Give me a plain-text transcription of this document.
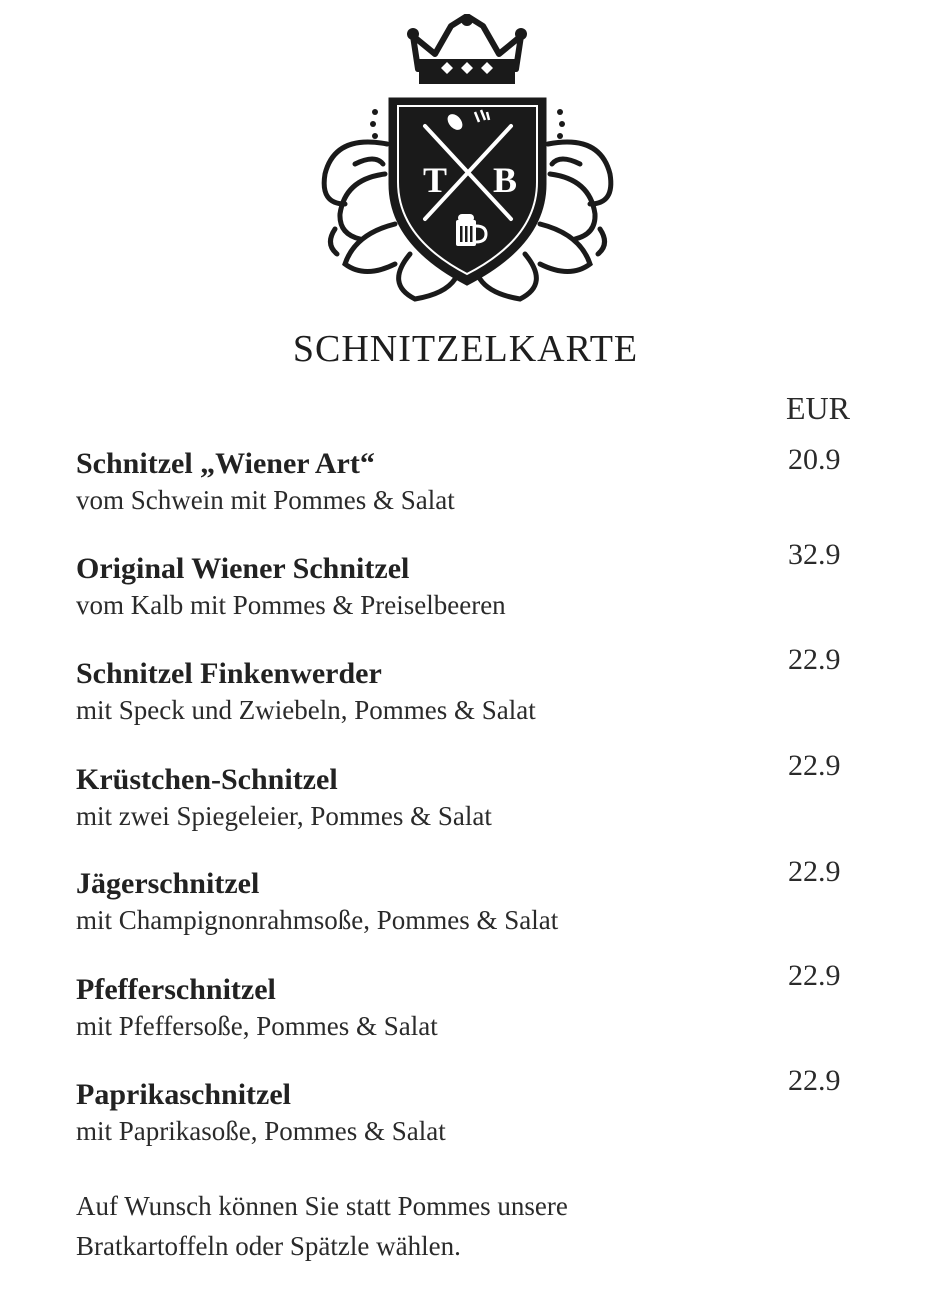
T B
SCHNITZELKARTE
EUR
Schnitzel „Wiener Art“
vom Schwein mit Pommes & Salat
20.9
Original Wiener Schnitzel
vom Kalb mit Pommes & Preiselbeeren
32.9
Schnitzel Finkenwerder
mit Speck und Zwiebeln, Pommes & Salat
22.9
Krüstchen-Schnitzel
mit zwei Spiegeleier, Pommes & Salat
22.9
Jägerschnitzel
mit Champignonrahmsoße, Pommes & Salat
22.9
Pfefferschnitzel
mit Pfeffersoße, Pommes & Salat
22.9
Paprikaschnitzel
mit Paprikasoße, Pommes & Salat
22.9
Auf Wunsch können Sie statt Pommes unsere
Bratkartoffeln oder Spätzle wählen.
